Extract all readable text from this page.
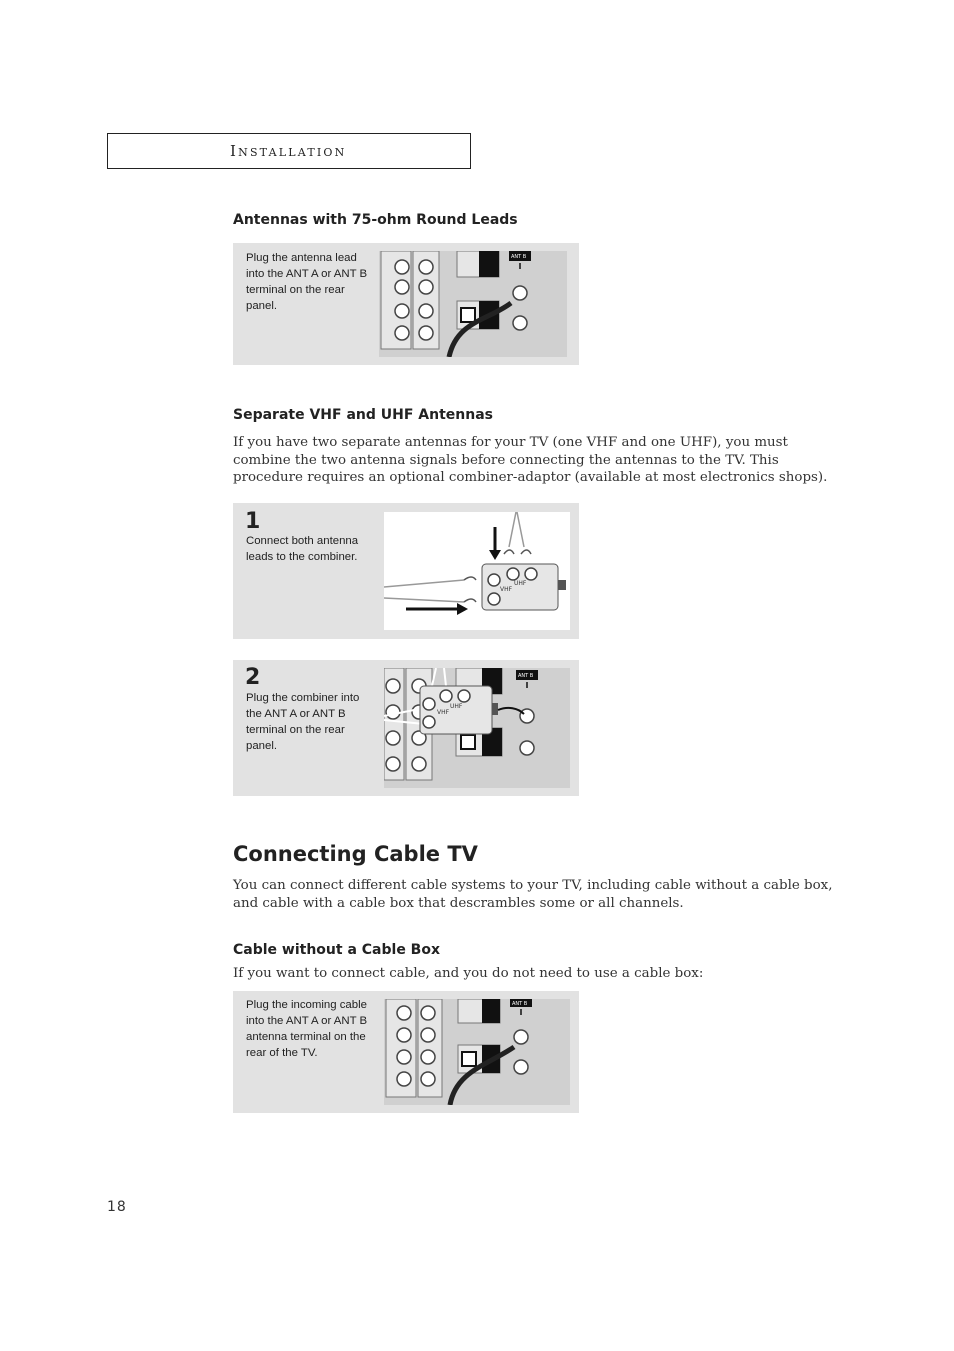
Installation
Antennas with 75-ohm Round Leads
Plug the antenna lead into the ANT A or ANT B terminal on the rear panel.
ANT B
Separate VHF and UHF Antennas

If you have two separate antennas for your TV (one VHF and one UHF), you must combine the two antenna signals before connecting the antennas to the TV. This procedure requires an optional combiner-adaptor (available at most electronics shops).

1
Connect both antenna leads to the combiner.
UHF
VHF
2
Plug the combiner into the ANT A or ANT B terminal on the rear panel.
ANT B
UHF
VHF
Connecting Cable TV

You can connect different cable systems to your TV, including cable without a cable box, and cable with a cable box that descrambles some or all channels.

Cable without a Cable Box

If you want to connect cable, and you do not need to use a cable box:

Plug the incoming cable into the ANT A or ANT B antenna terminal on the rear of the TV.
ANT B
18
